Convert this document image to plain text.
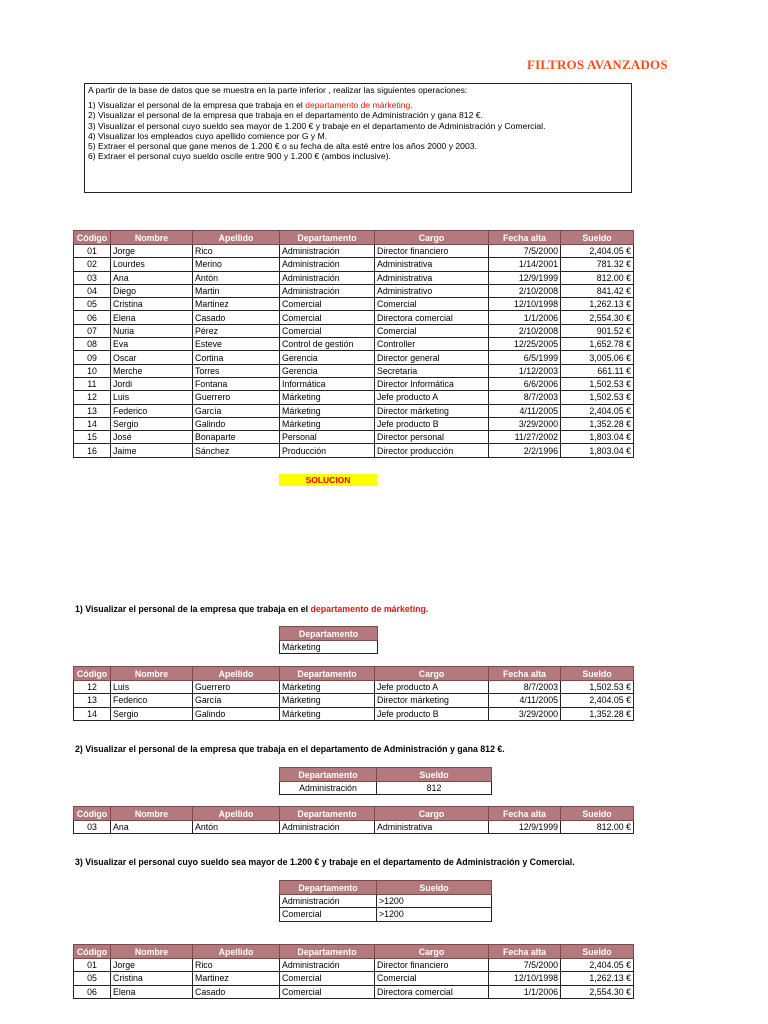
FILTROS AVANZADOS
A partir de la base de datos que se muestra en la parte inferior , realizar las siguientes operaciones:
1) Visualizar el personal de la empresa que trabaja en el departamento de márketing.
2) Visualizar el personal de la empresa que trabaja en el departamento de Administración y gana 812 €.
3) Visualizar el personal cuyo sueldo sea mayor de 1.200 € y trabaje en el departamento de Administración y Comercial.
4) Visualizar los empleados cuyo apellido comience por G y M.
5) Extraer el personal que gane menos de 1.200 € o su fecha de alta esté entre los años 2000 y 2003.
6) Extraer el personal cuyo sueldo oscile entre 900 y 1.200 € (ambos inclusive).
Código	Nombre	Apellido	Departamento	Cargo	Fecha alta	Sueldo
01	Jorge	Rico	Administración	Director financiero	7/5/2000	2,404.05 €
02	Lourdes	Merino	Administración	Administrativa	1/14/2001	781.32 €
03	Ana	Antón	Administración	Administrativa	12/9/1999	812.00 €
04	Diego	Martin	Administración	Administrativo	2/10/2008	841.42 €
05	Cristina	Martinez	Comercial	Comercial	12/10/1998	1,262.13 €
06	Elena	Casado	Comercial	Directora comercial	1/1/2006	2,554.30 €
07	Nuria	Pérez	Comercial	Comercial	2/10/2008	901.52 €
08	Eva	Esteve	Control de gestión	Controller	12/25/2005	1,652.78 €
09	Oscar	Cortina	Gerencia	Director general	6/5/1999	3,005.06 €
10	Merche	Torres	Gerencia	Secretaria	1/12/2003	661.11 €
11	Jordi	Fontana	Informática	Director Informática	6/6/2006	1,502.53 €
12	Luis	Guerrero	Márketing	Jefe producto A	8/7/2003	1,502.53 €
13	Federico	García	Márketing	Director márketing	4/11/2005	2,404.05 €
14	Sergio	Galindo	Márketing	Jefe producto B	3/29/2000	1,352.28 €
15	José	Bonaparte	Personal	Director personal	11/27/2002	1,803.04 €
16	Jaime	Sánchez	Producción	Director producción	2/2/1996	1,803.04 €
SOLUCION
1) Visualizar el personal de la empresa que trabaja en el departamento de márketing.
Departamento
Márketing
Código	Nombre	Apellido	Departamento	Cargo	Fecha alta	Sueldo
12	Luis	Guerrero	Márketing	Jefe producto A	8/7/2003	1,502.53 €
13	Federico	García	Márketing	Director márketing	4/11/2005	2,404.05 €
14	Sergio	Galindo	Márketing	Jefe producto B	3/29/2000	1,352.28 €
2) Visualizar el personal de la empresa que trabaja en el departamento de Administración y gana 812 €.
Departamento	Sueldo
Administración	812
Código	Nombre	Apellido	Departamento	Cargo	Fecha alta	Sueldo
03	Ana	Antón	Administración	Administrativa	12/9/1999	812.00 €
3) Visualizar el personal cuyo sueldo sea mayor de 1.200 € y trabaje en el departamento de Administración y Comercial.
Departamento	Sueldo
Administración	>1200
Comercial	>1200
Código	Nombre	Apellido	Departamento	Cargo	Fecha alta	Sueldo
01	Jorge	Rico	Administración	Director financiero	7/5/2000	2,404.05 €
05	Cristina	Martinez	Comercial	Comercial	12/10/1998	1,262.13 €
06	Elena	Casado	Comercial	Directora comercial	1/1/2006	2,554.30 €
